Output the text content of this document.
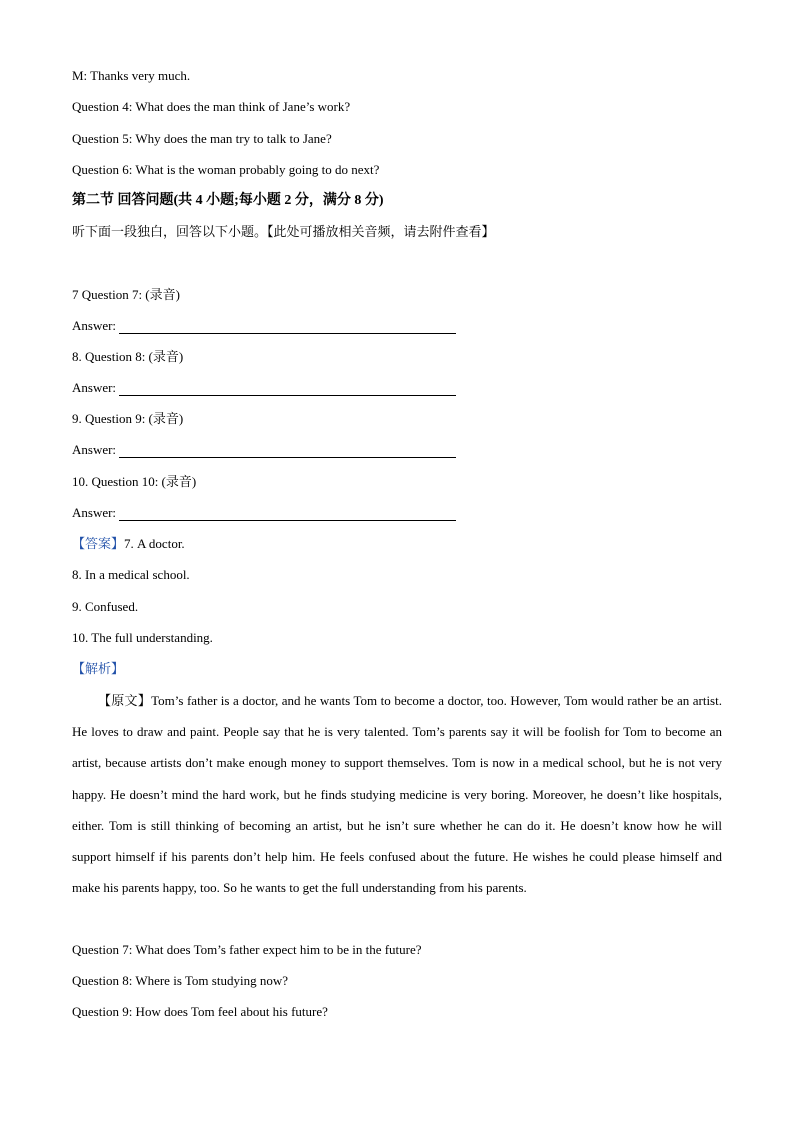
M: Thanks very much.
Question 4: What does the man think of Jane’s work?
Question 5: Why does the man try to talk to Jane?
Question 6: What is the woman probably going to do next?
第二节 回答问题(共 4 小题;每小题 2 分，满分 8 分)
听下面一段独白，回答以下小题。【此处可播放相关音频，请去附件查看】
7 Question 7: (录音)
Answer:
8. Question 8: (录音)
Answer:
9. Question 9: (录音)
Answer:
10. Question 10: (录音)
Answer:
【答案】7. A doctor.
8. In a medical school.
9. Confused.
10. The full understanding.
【解析】
【原文】Tom’s father is a doctor, and he wants Tom to become a doctor, too. However, Tom would rather be an artist. He loves to draw and paint. People say that he is very talented. Tom’s parents say it will be foolish for Tom to become an artist, because artists don’t make enough money to support themselves. Tom is now in a medical school, but he is not very happy. He doesn’t mind the hard work, but he finds studying medicine is very boring. Moreover, he doesn’t like hospitals, either. Tom is still thinking of becoming an artist, but he isn’t sure whether he can do it. He doesn’t know how he will support himself if his parents don’t help him. He feels confused about the future. He wishes he could please himself and make his parents happy, too. So he wants to get the full understanding from his parents.
Question 7: What does Tom’s father expect him to be in the future?
Question 8: Where is Tom studying now?
Question 9: How does Tom feel about his future?
